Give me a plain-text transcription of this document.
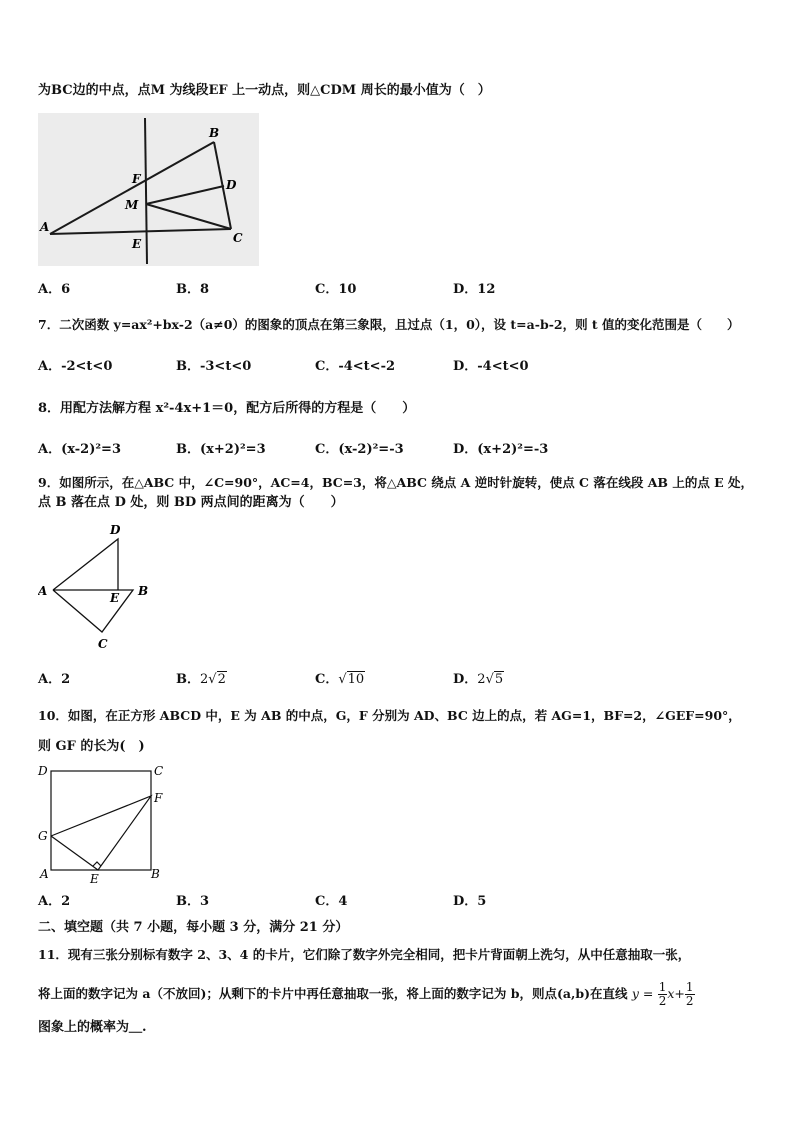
为BC边的中点，点M 为线段EF 上一动点，则△CDM 周长的最小值为（　）
A
B
C
D
E
F
M
A．6	B．8	C．10	D．12
7．二次函数 y=ax²+bx-2（a≠0）的图象的顶点在第三象限，且过点（1，0），设 t=a-b-2，则 t 值的变化范围是（　　）
A．-2<t<0	B．-3<t<0	C．-4<t<-2	D．-4<t<0
8．用配方法解方程 x²-4x+1＝0，配方后所得的方程是（　　）
A．(x-2)²=3	B．(x+2)²=3	C．(x-2)²=-3	D．(x+2)²=-3
9．如图所示，在△ABC 中，∠C=90°，AC=4，BC=3，将△ABC 绕点 A 逆时针旋转，使点 C 落在线段 AB 上的点 E 处，
点 B 落在点 D 处，则 BD 两点间的距离为（　　）
D
A	E B
C
A．2	B．2√2	C．√10	D．2√5
10．如图，在正方形 ABCD 中，E 为 AB 的中点，G，F 分别为 AD、BC 边上的点，若 AG=1，BF=2，∠GEF=90°，
则 GF 的长为(　)
D	C
F
G
A	E	B
A．2	B．3	C．4	D．5
二、填空题（共 7 小题，每小题 3 分，满分 21 分）
11．现有三张分别标有数字 2、3、4 的卡片，它们除了数字外完全相同，把卡片背面朝上洗匀，从中任意抽取一张，
将上面的数字记为 a（不放回)；从剩下的卡片中再任意抽取一张，将上面的数字记为 b，则点(a,b)在直线 $y = \frac{1}{2} x+ \frac{1}{2}$
图象上的概率为＿.
